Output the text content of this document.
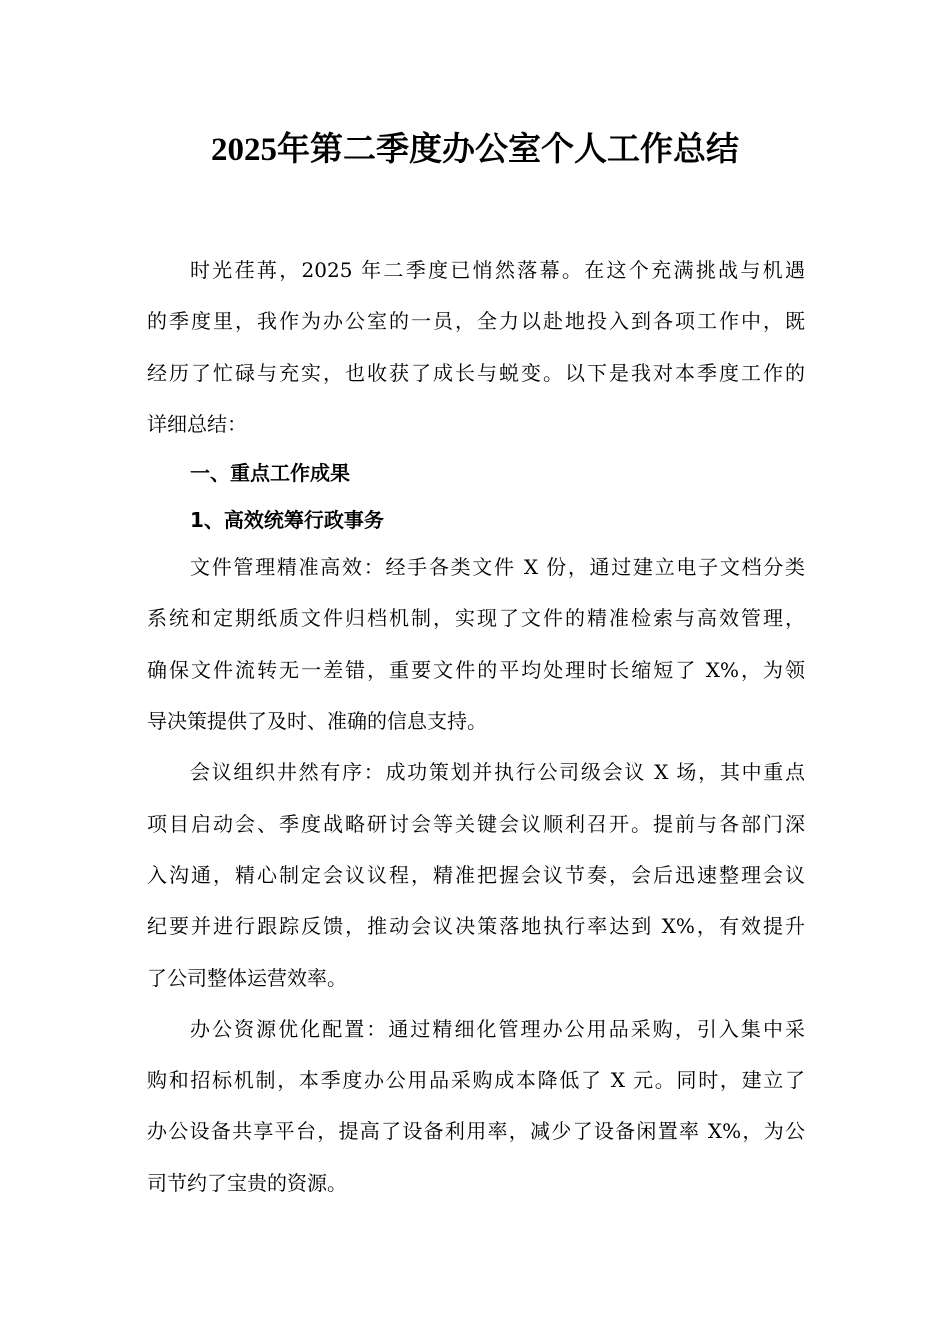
2025年第二季度办公室个人工作总结
时光荏苒，2025 年二季度已悄然落幕。在这个充满挑战与机遇
的季度里，我作为办公室的一员，全力以赴地投入到各项工作中，既
经历了忙碌与充实，也收获了成长与蜕变。以下是我对本季度工作的
详细总结：
一、重点工作成果
1、高效统筹行政事务
文件管理精准高效：经手各类文件 X 份，通过建立电子文档分类
系统和定期纸质文件归档机制，实现了文件的精准检索与高效管理，
确保文件流转无一差错，重要文件的平均处理时长缩短了 X%，为领
导决策提供了及时、准确的信息支持。
会议组织井然有序：成功策划并执行公司级会议 X 场，其中重点
项目启动会、季度战略研讨会等关键会议顺利召开。提前与各部门深
入沟通，精心制定会议议程，精准把握会议节奏，会后迅速整理会议
纪要并进行跟踪反馈，推动会议决策落地执行率达到 X%，有效提升
了公司整体运营效率。
办公资源优化配置：通过精细化管理办公用品采购，引入集中采
购和招标机制，本季度办公用品采购成本降低了 X 元。同时，建立了
办公设备共享平台，提高了设备利用率，减少了设备闲置率 X%，为公
司节约了宝贵的资源。
